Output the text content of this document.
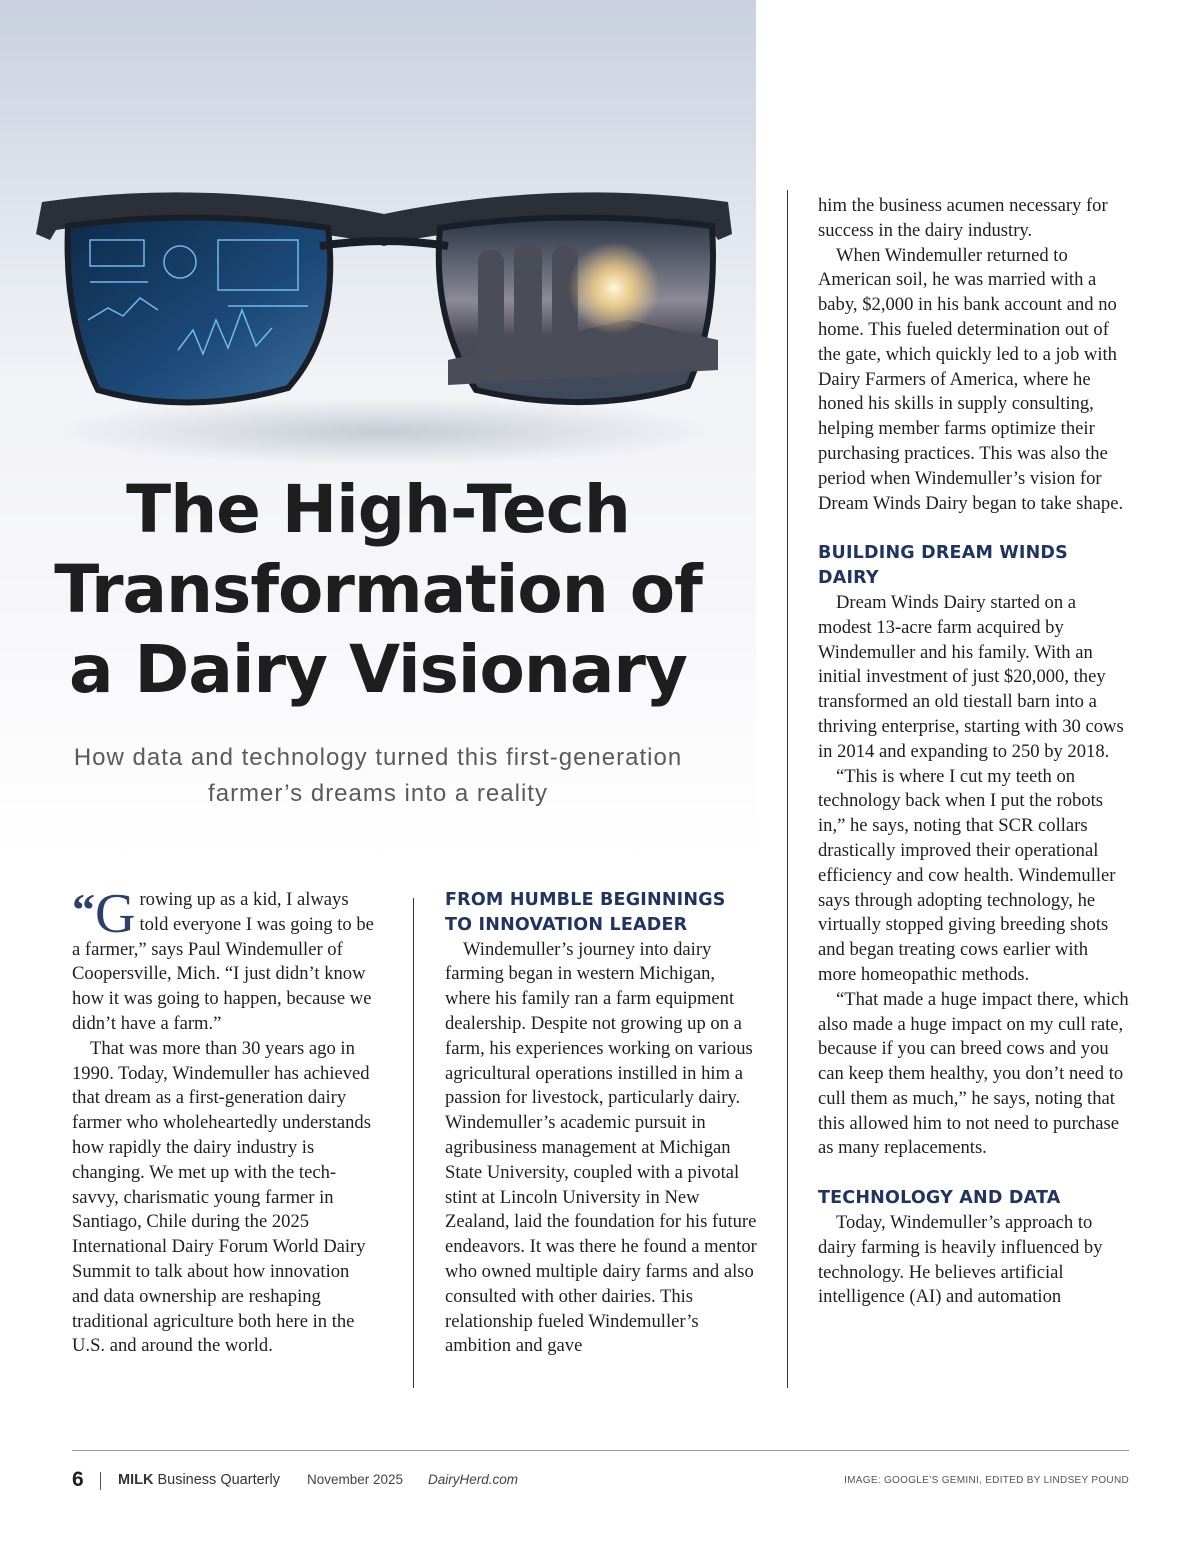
The High-Tech
Transformation of
a Dairy Visionary
How data and technology turned this first-generation
farmer’s dreams into a reality

“ G rowing up as a kid, I always told everyone I was going to be a farmer,” says Paul Windemuller of Coopersville, Mich. “I just didn’t know how it was going to happen, because we didn’t have a farm.”

That was more than 30 years ago in 1990. Today, Windemuller has achieved that dream as a first-generation dairy farmer who wholeheartedly understands how rapidly the dairy industry is changing. We met up with the tech-savvy, charismatic young farmer in Santiago, Chile during the 2025 International Dairy Forum World Dairy Summit to talk about how innovation and data ownership are reshaping traditional agriculture both here in the U.S. and around the world.

FROM HUMBLE BEGINNINGS TO INNOVATION LEADER

Windemuller’s journey into dairy farming began in western Michigan, where his family ran a farm equipment dealership. Despite not growing up on a farm, his experiences working on various agricultural operations instilled in him a passion for livestock, particularly dairy. Windemuller’s academic pursuit in agribusiness management at Michigan State University, coupled with a pivotal stint at Lincoln University in New Zealand, laid the foundation for his future endeavors. It was there he found a mentor who owned multiple dairy farms and also consulted with other dairies. This relationship fueled Windemuller’s ambition and gave

him the business acumen necessary for success in the dairy industry.

When Windemuller returned to American soil, he was married with a baby, $2,000 in his bank account and no home. This fueled determination out of the gate, which quickly led to a job with Dairy Farmers of America, where he honed his skills in supply consulting, helping member farms optimize their purchasing practices. This was also the period when Windemuller’s vision for Dream Winds Dairy began to take shape.

BUILDING DREAM WINDS DAIRY

Dream Winds Dairy started on a modest 13-acre farm acquired by Windemuller and his family. With an initial investment of just $20,000, they transformed an old tiestall barn into a thriving enterprise, starting with 30 cows in 2014 and expanding to 250 by 2018.

“This is where I cut my teeth on technology back when I put the robots in,” he says, noting that SCR collars drastically improved their operational efficiency and cow health. Windemuller says through adopting technology, he virtually stopped giving breeding shots and began treating cows earlier with more homeopathic methods.

“That made a huge impact there, which also made a huge impact on my cull rate, because if you can breed cows and you can keep them healthy, you don’t need to cull them as much,” he says, noting that this allowed him to not need to purchase as many replacements.

TECHNOLOGY AND DATA

Today, Windemuller’s approach to dairy farming is heavily influenced by technology. He believes artificial intelligence (AI) and automation

6 MILK Business Quarterly November 2025 DairyHerd.com	IMAGE: GOOGLE’S GEMINI, EDITED BY LINDSEY POUND
